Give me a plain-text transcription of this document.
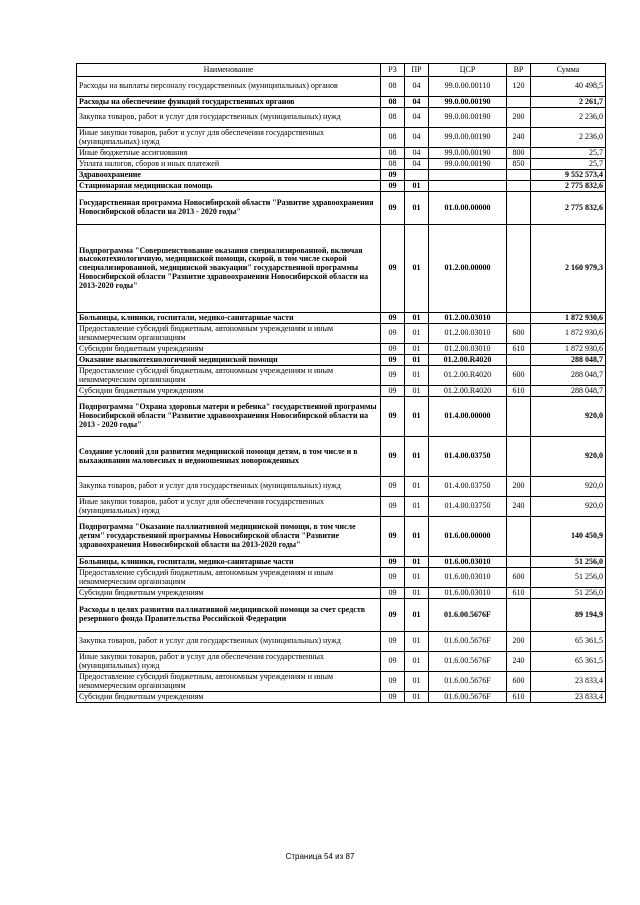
Наименование	РЗ	ПР	ЦСР	ВР	Сумма
Расходы на выплаты персоналу государственных (муниципальных) органов	08	04	99.0.00.00110	120	40 498,5
Расходы на обеспечение функций государственных органов	08	04	99.0.00.00190		2 261,7
Закупка товаров, работ и услуг для государственных (муниципальных) нужд	08	04	99.0.00.00190	200	2 236,0
Иные закупки товаров, работ и услуг для обеспечения государственных (муниципальных) нужд	08	04	99.0.00.00190	240	2 236,0
Иные бюджетные ассигнования	08	04	99.0.00.00190	800	25,7
Уплата налогов, сборов и иных платежей	08	04	99.0.00.00190	850	25,7
Здравоохранение	09				9 552 573,4
Стационарная медицинская помощь	09	01			2 775 832,6
Государственная программа Новосибирской области "Развитие здравоохранения Новосибирской области на 2013 - 2020 годы"	09	01	01.0.00.00000		2 775 832,6
Подпрограмма "Совершенствование оказания специализированной, включая высокотехнологичную, медицинской помощи, скорой, в том числе скорой специализированной, медицинской эвакуации" государственной программы Новосибирской области "Развитие здравоохранения Новосибирской области на 2013-2020 годы"	09	01	01.2.00.00000		2 160 979,3
Больницы, клиники, госпитали, медико-санитарные части	09	01	01.2.00.03010		1 872 930,6
Предоставление субсидий бюджетным, автономным учреждениям и иным некоммерческим организациям	09	01	01.2.00.03010	600	1 872 930,6
Субсидии бюджетным учреждениям	09	01	01.2.00.03010	610	1 872 930,6
Оказание высокотехнологичной медицинской помощи	09	01	01.2.00.R4020		288 048,7
Предоставление субсидий бюджетным, автономным учреждениям и иным некоммерческим организациям	09	01	01.2.00.R4020	600	288 048,7
Субсидии бюджетным учреждениям	09	01	01.2.00.R4020	610	288 048,7
Подпрограмма "Охрана здоровья матери и ребенка" государственной программы Новосибирской области "Развитие здравоохранения Новосибирской области на 2013 - 2020 годы"	09	01	01.4.00.00000		920,0
Создание условий для развития медицинской помощи детям, в том числе и в выхаживании маловесных и недоношенных новорожденных	09	01	01.4.00.03750		920,0
Закупка товаров, работ и услуг для государственных (муниципальных) нужд	09	01	01.4.00.03750	200	920,0
Иные закупки товаров, работ и услуг для обеспечения государственных (муниципальных) нужд	09	01	01.4.00.03750	240	920,0
Подпрограмма "Оказание паллиативной медицинской помощи, в том числе детям" государственной программы Новосибирской области "Развитие здравоохранения Новосибирской области на 2013-2020 годы"	09	01	01.6.00.00000		140 450,9
Больницы, клиники, госпитали, медико-санитарные части	09	01	01.6.00.03010		51 256,0
Предоставление субсидий бюджетным, автономным учреждениям и иным некоммерческим организациям	09	01	01.6.00.03010	600	51 256,0
Субсидии бюджетным учреждениям	09	01	01.6.00.03010	610	51 256,0
Расходы в целях развития паллиативной медицинской помощи за счет средств резервного фонда Правительства Российской Федерации	09	01	01.6.00.5676F		89 194,9
Закупка товаров, работ и услуг для государственных (муниципальных) нужд	09	01	01.6.00.5676F	200	65 361,5
Иные закупки товаров, работ и услуг для обеспечения государственных (муниципальных) нужд	09	01	01.6.00.5676F	240	65 361,5
Предоставление субсидий бюджетным, автономным учреждениям и иным некоммерческим организациям	09	01	01.6.00.5676F	600	23 833,4
Субсидии бюджетным учреждениям	09	01	01.6.00.5676F	610	23 833,4
Страница 54 из 87
